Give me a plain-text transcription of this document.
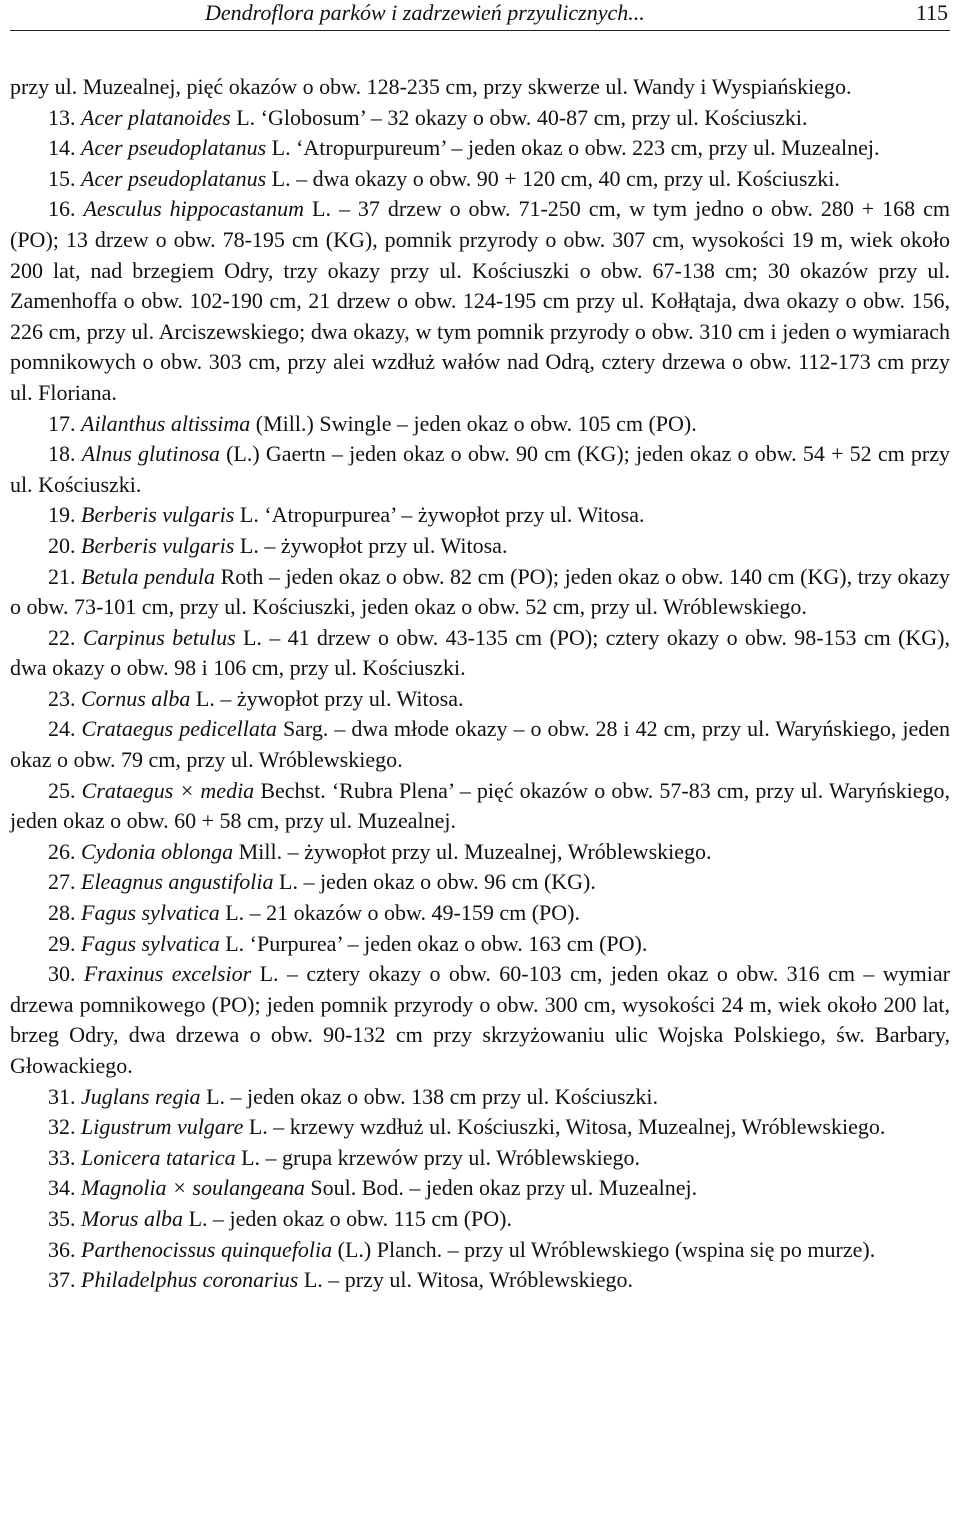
Dendroflora parków i zadrzewień przyulicznych...	115

przy ul. Muzealnej, pięć okazów o obw. 128-235 cm, przy skwerze ul. Wandy i Wyspiańskiego.

13. Acer platanoides L. ‘Globosum’ – 32 okazy o obw. 40-87 cm, przy ul. Kościuszki.

14. Acer pseudoplatanus L. ‘Atropurpureum’ – jeden okaz o obw. 223 cm, przy ul. Muzealnej.

15. Acer pseudoplatanus L. – dwa okazy o obw. 90 + 120 cm, 40 cm, przy ul. Kościuszki.

16. Aesculus hippocastanum L. – 37 drzew o obw. 71-250 cm, w tym jedno o obw. 280 + 168 cm (PO); 13 drzew o obw. 78-195 cm (KG), pomnik przyrody o obw. 307 cm, wysokości 19 m, wiek około 200 lat, nad brzegiem Odry, trzy okazy przy ul. Kościuszki o obw. 67-138 cm; 30 okazów przy ul. Zamenhoffa o obw. 102-190 cm, 21 drzew o obw. 124-195 cm przy ul. Kołłątaja, dwa okazy o obw. 156, 226 cm, przy ul. Arciszewskiego; dwa okazy, w tym pomnik przyrody o obw. 310 cm i jeden o wymiarach pomnikowych o obw. 303 cm, przy alei wzdłuż wałów nad Odrą, cztery drzewa o obw. 112-173 cm przy ul. Floriana.

17. Ailanthus altissima (Mill.) Swingle – jeden okaz o obw. 105 cm (PO).

18. Alnus glutinosa (L.) Gaertn – jeden okaz o obw. 90 cm (KG); jeden okaz o obw. 54 + 52 cm przy ul. Kościuszki.

19. Berberis vulgaris L. ‘Atropurpurea’ – żywopłot przy ul. Witosa.

20. Berberis vulgaris L. – żywopłot przy ul. Witosa.

21. Betula pendula Roth – jeden okaz o obw. 82 cm (PO); jeden okaz o obw. 140 cm (KG), trzy okazy o obw. 73-101 cm, przy ul. Kościuszki, jeden okaz o obw. 52 cm, przy ul. Wróblewskiego.

22. Carpinus betulus L. – 41 drzew o obw. 43-135 cm (PO); cztery okazy o obw. 98-153 cm (KG), dwa okazy o obw. 98 i 106 cm, przy ul. Kościuszki.

23. Cornus alba L. – żywopłot przy ul. Witosa.

24. Crataegus pedicellata Sarg. – dwa młode okazy – o obw. 28 i 42 cm, przy ul. Waryńskiego, jeden okaz o obw. 79 cm, przy ul. Wróblewskiego.

25. Crataegus × media Bechst. ‘Rubra Plena’ – pięć okazów o obw. 57-83 cm, przy ul. Waryńskiego, jeden okaz o obw. 60 + 58 cm, przy ul. Muzealnej.

26. Cydonia oblonga Mill. – żywopłot przy ul. Muzealnej, Wróblewskiego.

27. Eleagnus angustifolia L. – jeden okaz o obw. 96 cm (KG).

28. Fagus sylvatica L. – 21 okazów o obw. 49-159 cm (PO).

29. Fagus sylvatica L. ‘Purpurea’ – jeden okaz o obw. 163 cm (PO).

30. Fraxinus excelsior L. – cztery okazy o obw. 60-103 cm, jeden okaz o obw. 316 cm – wymiar drzewa pomnikowego (PO); jeden pomnik przyrody o obw. 300 cm, wysokości 24 m, wiek około 200 lat, brzeg Odry, dwa drzewa o obw. 90-132 cm przy skrzyżowaniu ulic Wojska Polskiego, św. Barbary, Głowackiego.

31. Juglans regia L. – jeden okaz o obw. 138 cm przy ul. Kościuszki.

32. Ligustrum vulgare L. – krzewy wzdłuż ul. Kościuszki, Witosa, Muzealnej, Wróblewskiego.

33. Lonicera tatarica L. – grupa krzewów przy ul. Wróblewskiego.

34. Magnolia × soulangeana Soul. Bod. – jeden okaz przy ul. Muzealnej.

35. Morus alba L. – jeden okaz o obw. 115 cm (PO).

36. Parthenocissus quinquefolia (L.) Planch. – przy ul Wróblewskiego (wspina się po murze).

37. Philadelphus coronarius L. – przy ul. Witosa, Wróblewskiego.
